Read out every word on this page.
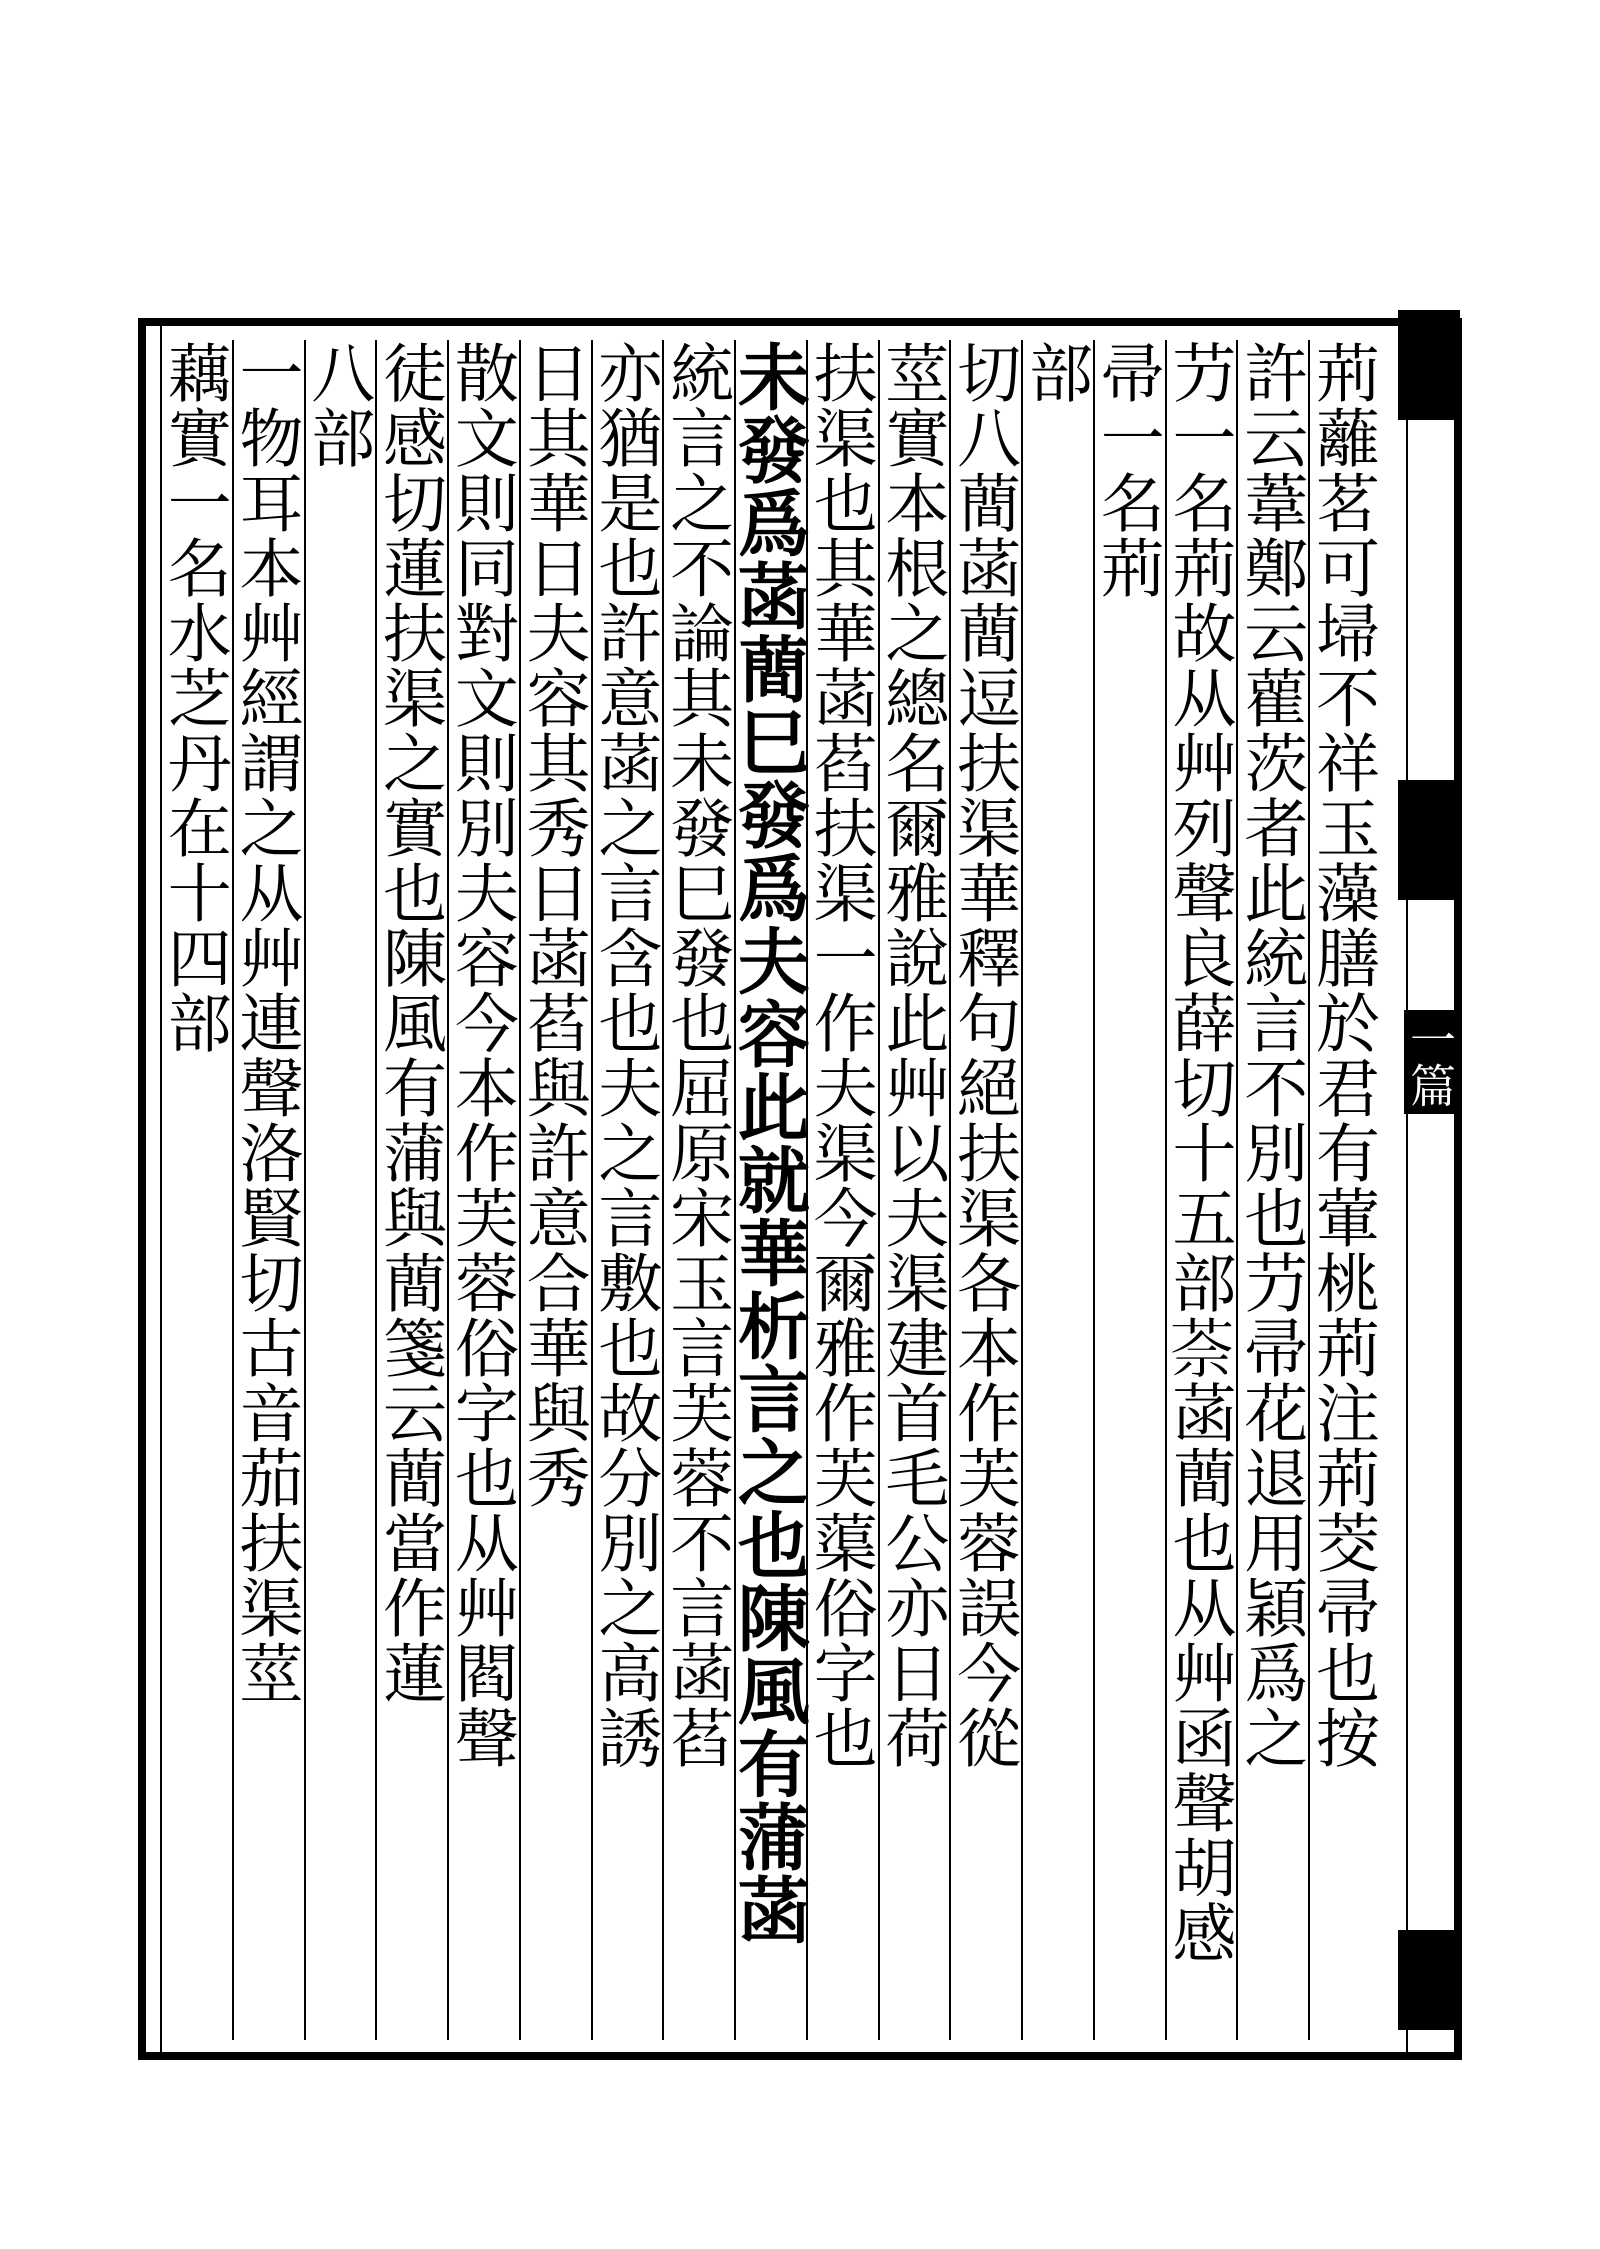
一篇
荊蘺茗可埽不祥玉藻膳於君有葷桃荊注荊茭帚也按
許云葦鄭云雚茨者此統言不別也芀帚花退用穎爲之
芀一名荊故从艸列聲良薛切十五部𦯬菡蕳也从艸函聲胡感
帚一名荊
部
切八蕳菡蕳逗扶渠華釋句絕扶渠各本作芙蓉誤今從
莖實本根之總名爾雅說此艸以夫渠建首毛公亦日荷
扶渠也其華菡萏扶渠一作夫渠今爾雅作芙蕖俗字也
未發爲菡蕳巳發爲夫容此就華析言之也陳風有蒲菡
統言之不論其未發巳發也屈原宋玉言芙蓉不言菡萏
亦猶是也許意菡之言含也夫之言敷也故分別之高誘
日其華日夫容其秀日菡萏與許意合華與秀
散文則同對文則別夫容今本作芙蓉俗字也从艸閻聲
徒感切蓮扶渠之實也陳風有蒲與蕳箋云蕳當作蓮
八部
一物耳本艸經謂之从艸連聲洛賢切古音茄扶渠莖
藕實一名水芝丹在十四部
